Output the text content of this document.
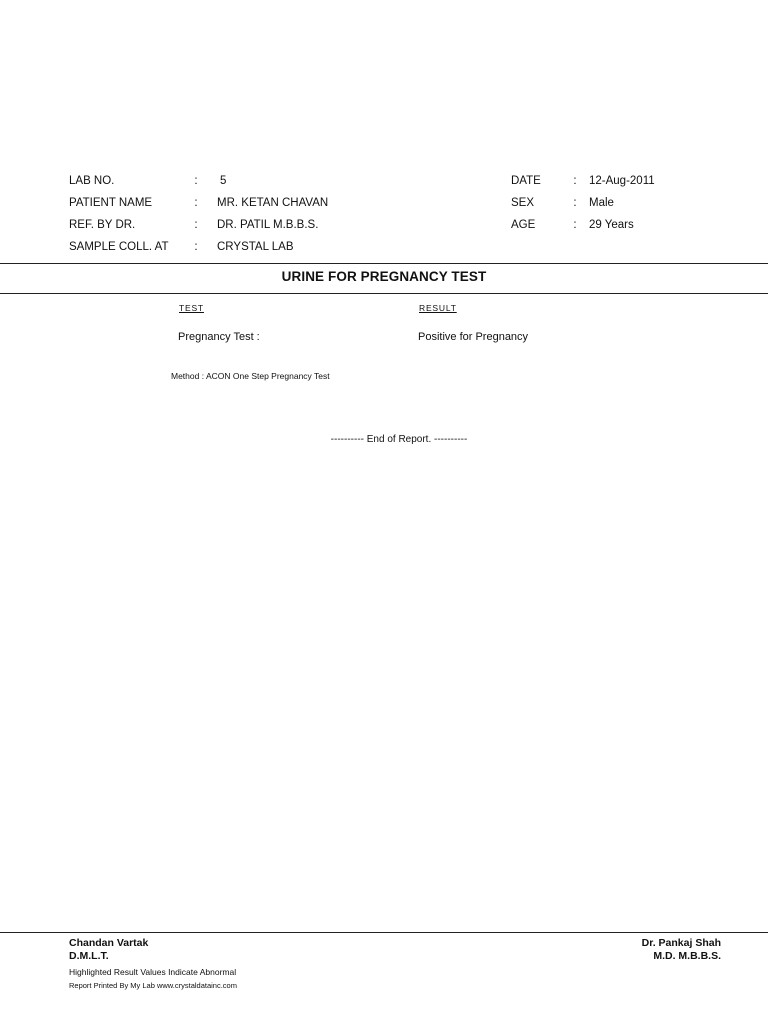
LAB NO.	: 5
PATIENT NAME	: MR. KETAN CHAVAN
REF. BY DR.	: DR. PATIL M.B.B.S.
SAMPLE COLL. AT : CRYSTAL LAB
DATE	: 12-Aug-2011
SEX	: Male
AGE	: 29 Years
URINE FOR PREGNANCY TEST
TEST	RESULT
Pregnancy Test :	Positive for Pregnancy
Method : ACON One Step Pregnancy Test
---------- End of Report. ----------
Chandan Vartak
D.M.L.T.
Dr. Pankaj Shah
M.D. M.B.B.S.
Highlighted Result Values Indicate Abnormal
Report Printed By My Lab www.crystaldatainc.com
